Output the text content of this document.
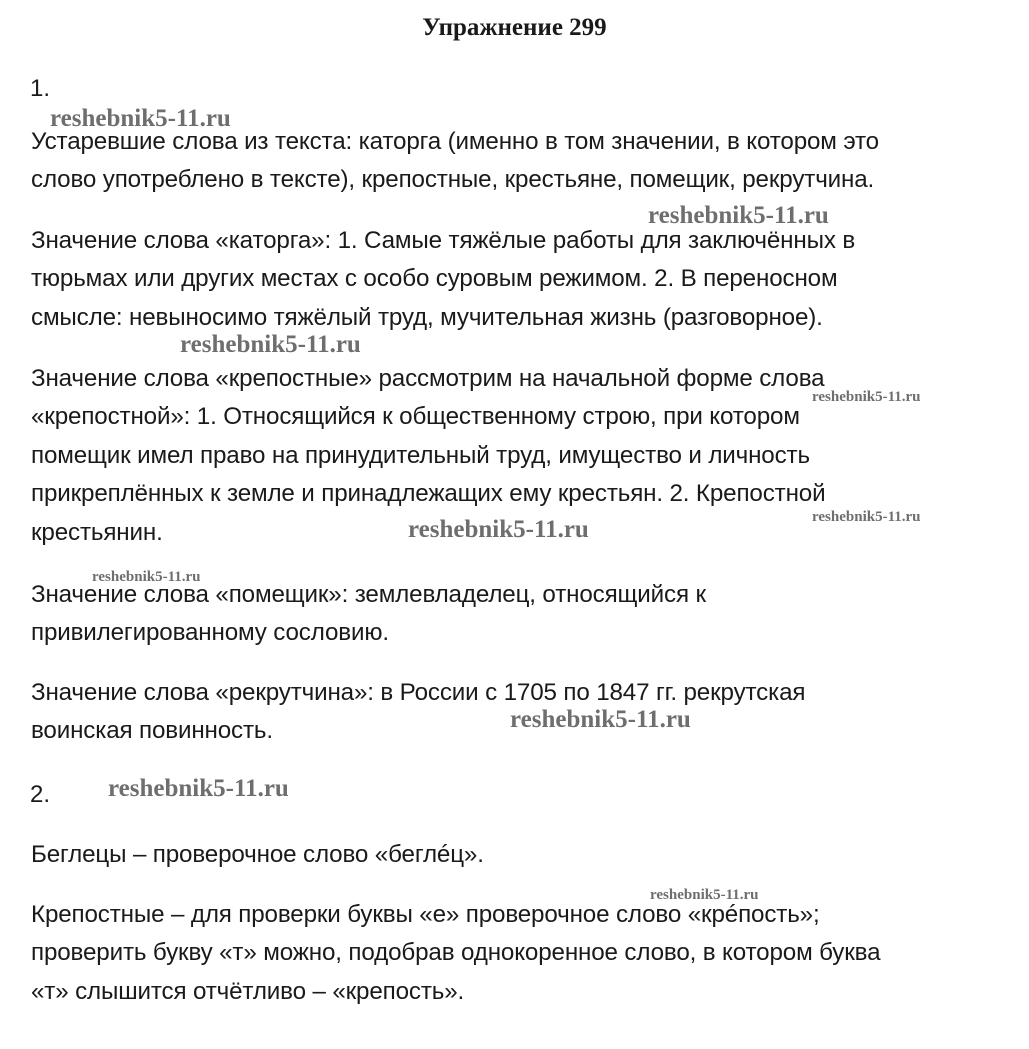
Упражнение 299

1.

Устаревшие слова из текста: каторга (именно в том значении, в котором это
слово употреблено в тексте), крепостные, крестьяне, помещик, рекрутчина.

Значение слова «каторга»: 1. Самые тяжёлые работы для заключённых в
тюрьмах или других местах с особо суровым режимом. 2. В переносном
смысле: невыносимо тяжёлый труд, мучительная жизнь (разговорное).

Значение слова «крепостные» рассмотрим на начальной форме слова
«крепостной»: 1. Относящийся к общественному строю, при котором
помещик имел право на принудительный труд, имущество и личность
прикреплённых к земле и принадлежащих ему крестьян. 2. Крепостной
крестьянин.

Значение слова «помещик»: землевладелец, относящийся к
привилегированному сословию.

Значение слова «рекрутчина»: в России с 1705 по 1847 гг. рекрутская
воинская повинность.

2.

Беглецы – проверочное слово «беглéц».

Крепостные – для проверки буквы «е» проверочное слово «крéпость»;
проверить букву «т» можно, подобрав однокоренное слово, в котором буква
«т» слышится отчётливо – «крепость».

reshebnik5-11.ru
reshebnik5-11.ru
reshebnik5-11.ru
reshebnik5-11.ru
reshebnik5-11.ru
reshebnik5-11.ru
reshebnik5-11.ru
reshebnik5-11.ru
reshebnik5-11.ru
reshebnik5-11.ru
